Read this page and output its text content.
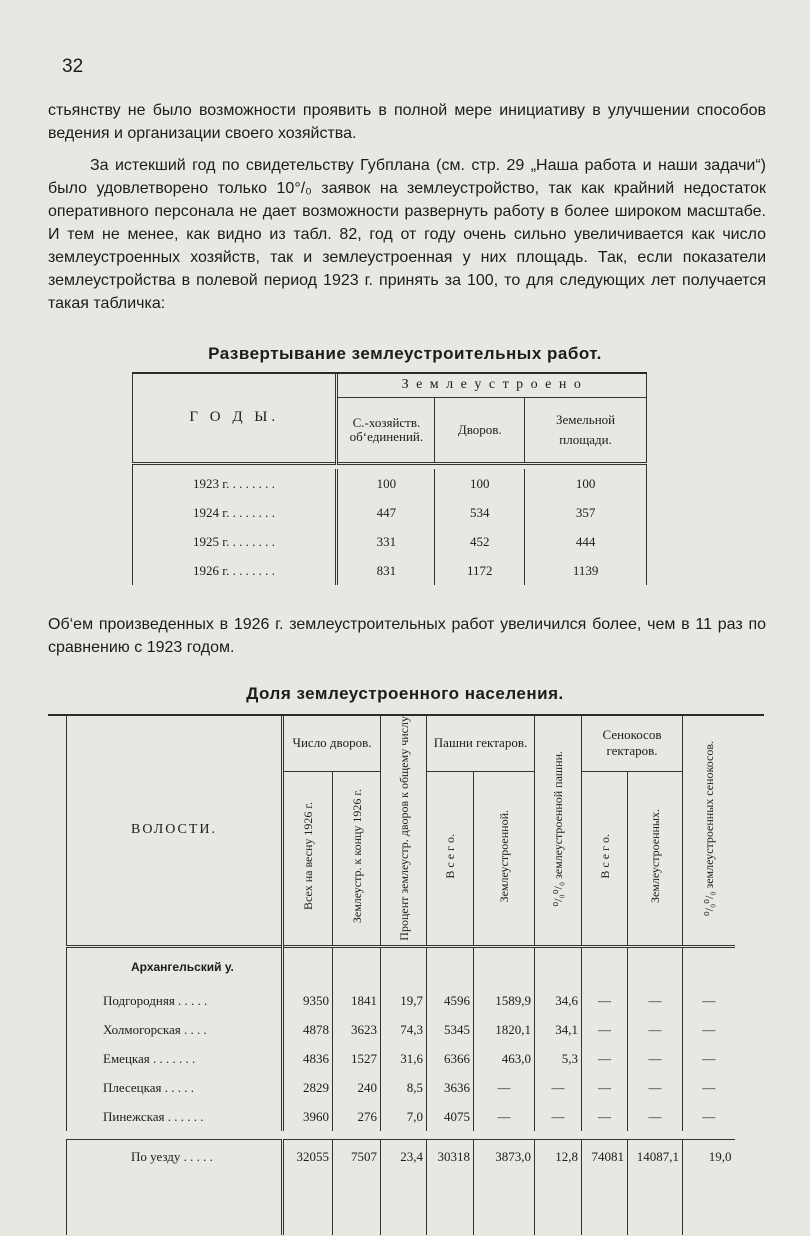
32

стьянству не было возможности проявить в полной мере инициативу в улучшении способов ведения и организации своего хозяйства.

За истекший год по свидетельству Губплана (см. стр. 29 „Наша работа и наши задачи“) было удовлетворено только 10°/₀ заявок на землеустройство, так как крайний недостаток оперативного персонала не дает возможности развернуть работу в более широком масштабе. И тем не менее, как видно из табл. 82, год от году очень сильно увеличивается как число землеустроенных хозяйств, так и землеустроенная у них площадь. Так, если показатели землеустройства в полевой период 1923 г. принять за 100, то для следующих лет получается такая табличка:

Развертывание землеустроительных работ.
Г О Д Ы.	З е м л е у с т р о е н о		
	С.-хозяйств. об‘единений.	Дворов.	Земельной площади.

1923 г. . . . . . . .	100	100	100
1924 г. . . . . . . .	447	534	357
1925 г. . . . . . . .	331	452	444
1926 г. . . . . . . .	831	1172	1139

Об‘ем произведенных в 1926 г. землеустроительных работ увеличился более, чем в 11 раз по сравнению с 1923 годом.

Доля землеустроенного населения.
ВОЛОСТИ.	Число дворов.		Процент землеустр. дворов к общему числу	Пашни гектаров.		⁰/₀⁰/₀ землеустроенной пашни.	Сенокосов гектаров.		⁰/₀⁰/₀ землеустроенных сенокосов.
	Всех на весну 1926 г.	Землеустр. к концу 1926 г.		В с е г о.	Землеустроенной.		В с е г о.	Землеустроенных.	
Архангельский у.									
Подгородняя . . . . .	9350	1841	19,7	4596	1589,9	34,6	—	—	—
Холмогорская . . . .	4878	3623	74,3	5345	1820,1	34,1	—	—	—
Емецкая . . . . . . .	4836	1527	31,6	6366	463,0	5,3	—	—	—
Плесецкая . . . . .	2829	240	8,5	3636	—	—	—	—	—
Пинежская . . . . . .	3960	276	7,0	4075	—	—	—	—	—

По уезду . . . . .	32055	7507	23,4	30318	3873,0	12,8	74081	14087,1	19,0
